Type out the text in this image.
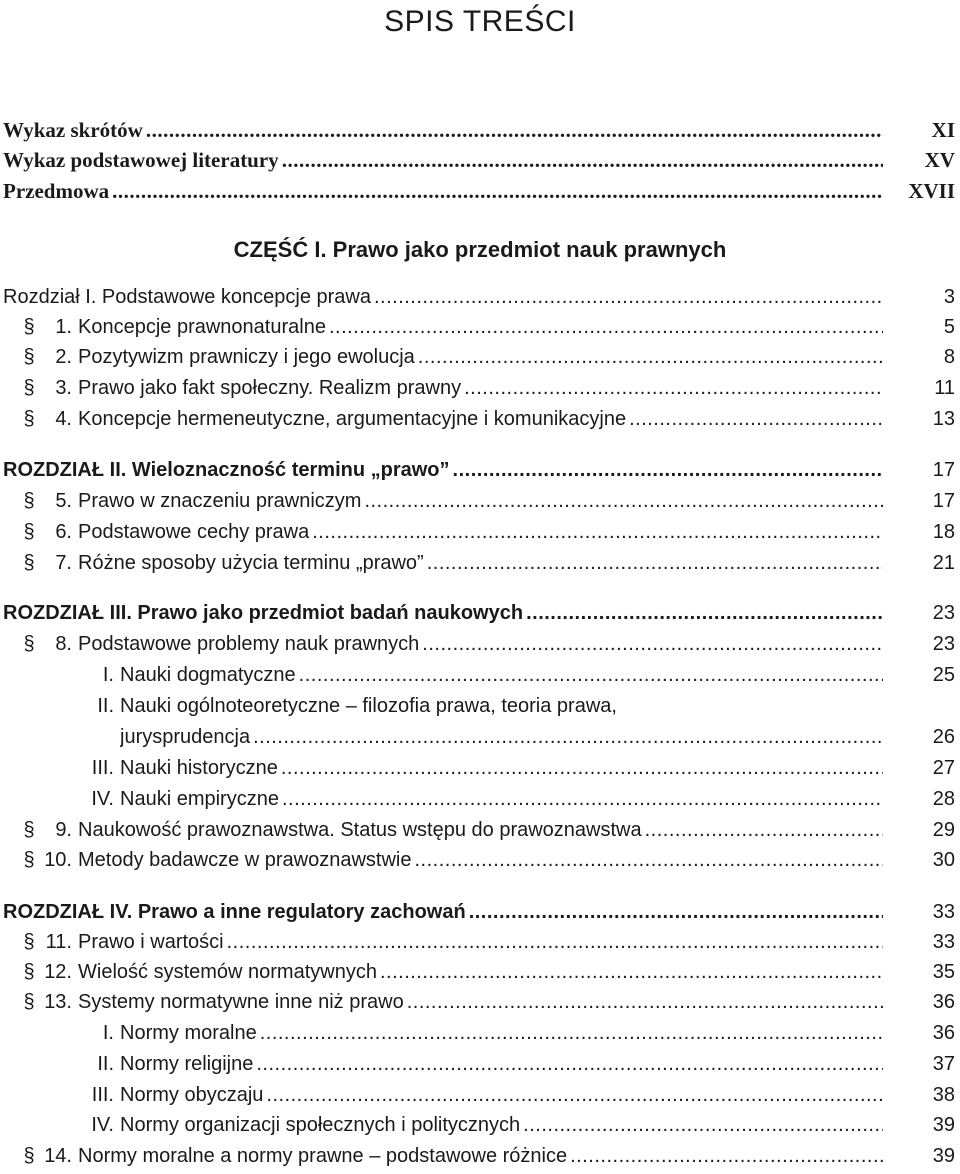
SPIS TREŚCI
Wykaz skrótów .....	XI
Wykaz podstawowej literatury .....	XV
Przedmowa .....	XVII
CZĘŚĆ I. Prawo jako przedmiot nauk prawnych
Rozdział I. Podstawowe koncepcje prawa .....	3
§	1. Koncepcje prawnonaturalne .....	5
§	2. Pozytywizm prawniczy i jego ewolucja .....	8
§	3. Prawo jako fakt społeczny. Realizm prawny .....	11
§	4. Koncepcje hermeneutyczne, argumentacyjne i komunikacyjne .....	13
ROZDZIAŁ II. Wieloznaczność terminu „prawo” .....	17
§	5. Prawo w znaczeniu prawniczym .....	17
§	6. Podstawowe cechy prawa .....	18
§	7. Różne sposoby użycia terminu „prawo” .....	21
ROZDZIAŁ III. Prawo jako przedmiot badań naukowych .....	23
§	8. Podstawowe problemy nauk prawnych .....	23
I. Nauki dogmatyczne .....	25
II. Nauki ogólnoteoretyczne – filozofia prawa, teoria prawa,
jurysprudencja .....	26
III. Nauki historyczne .....	27
IV. Nauki empiryczne .....	28
§	9. Naukowość prawoznawstwa. Status wstępu do prawoznawstwa .....	29
§ 10. Metody badawcze w prawoznawstwie .....	30
ROZDZIAŁ IV. Prawo a inne regulatory zachowań .....	33
§ 11. Prawo i wartości .....	33
§ 12. Wielość systemów normatywnych .....	35
§ 13. Systemy normatywne inne niż prawo .....	36
I. Normy moralne .....	36
II. Normy religijne .....	37
III. Normy obyczaju .....	38
IV. Normy organizacji społecznych i politycznych .....	39
§ 14. Normy moralne a normy prawne – podstawowe różnice .....	39
